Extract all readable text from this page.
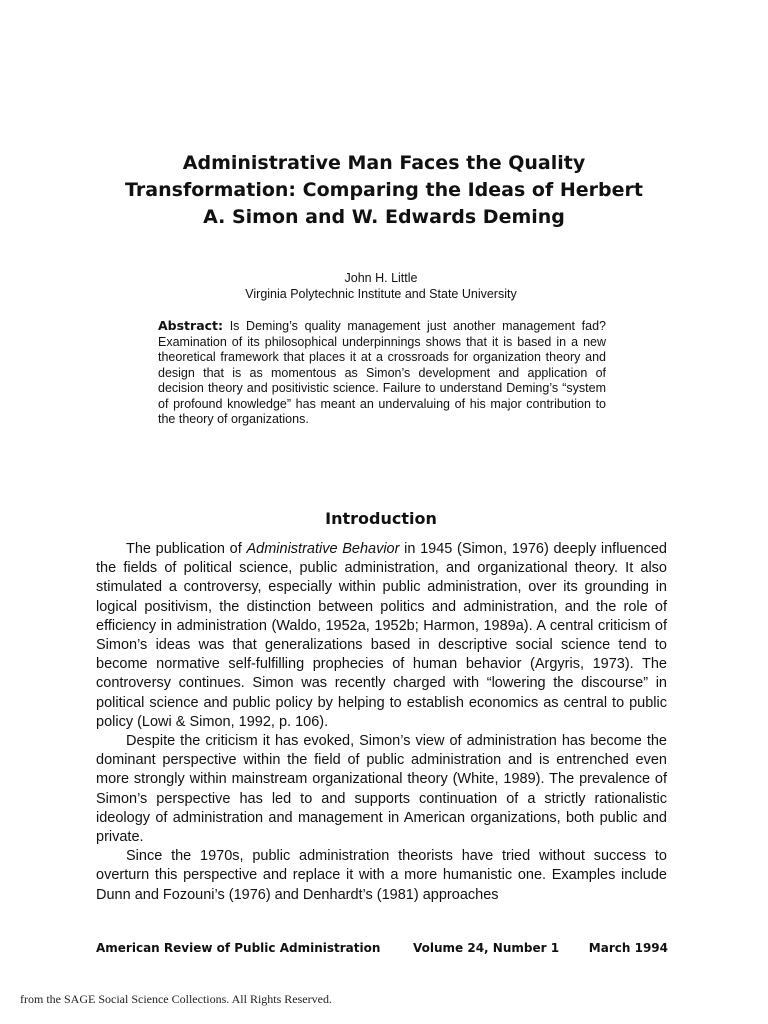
Administrative Man Faces the Quality Transformation: Comparing the Ideas of Herbert A. Simon and W. Edwards Deming
John H. Little
Virginia Polytechnic Institute and State University

Abstract: Is Deming’s quality management just another management fad? Examination of its philosophical underpinnings shows that it is based in a new theoretical framework that places it at a crossroads for organization theory and design that is as momentous as Simon’s development and application of decision theory and positivistic science. Failure to understand Deming’s “system of profound knowledge” has meant an undervaluing of his major contribution to the theory of organizations.

Introduction

The publication of Administrative Behavior in 1945 (Simon, 1976) deeply influenced the fields of political science, public administration, and organizational theory. It also stimulated a controversy, especially within public administration, over its grounding in logical positivism, the distinction between politics and administration, and the role of efficiency in administration (Waldo, 1952a, 1952b; Harmon, 1989a). A central criticism of Simon’s ideas was that generalizations based in descriptive social science tend to become normative self-fulfilling prophecies of human behavior (Argyris, 1973). The controversy continues. Simon was recently charged with “lowering the discourse” in political science and public policy by helping to establish economics as central to public policy (Lowi & Simon, 1992, p. 106).

Despite the criticism it has evoked, Simon’s view of administration has become the dominant perspective within the field of public administration and is entrenched even more strongly within mainstream organizational theory (White, 1989). The prevalence of Simon’s perspective has led to and supports continuation of a strictly rationalistic ideology of administration and management in American organizations, both public and private.

Since the 1970s, public administration theorists have tried without success to overturn this perspective and replace it with a more humanistic one. Examples include Dunn and Fozouni’s (1976) and Denhardt’s (1981) approaches

American Review of Public Administration	Volume 24, Number 1 March 1994
from the SAGE Social Science Collections. All Rights Reserved.
